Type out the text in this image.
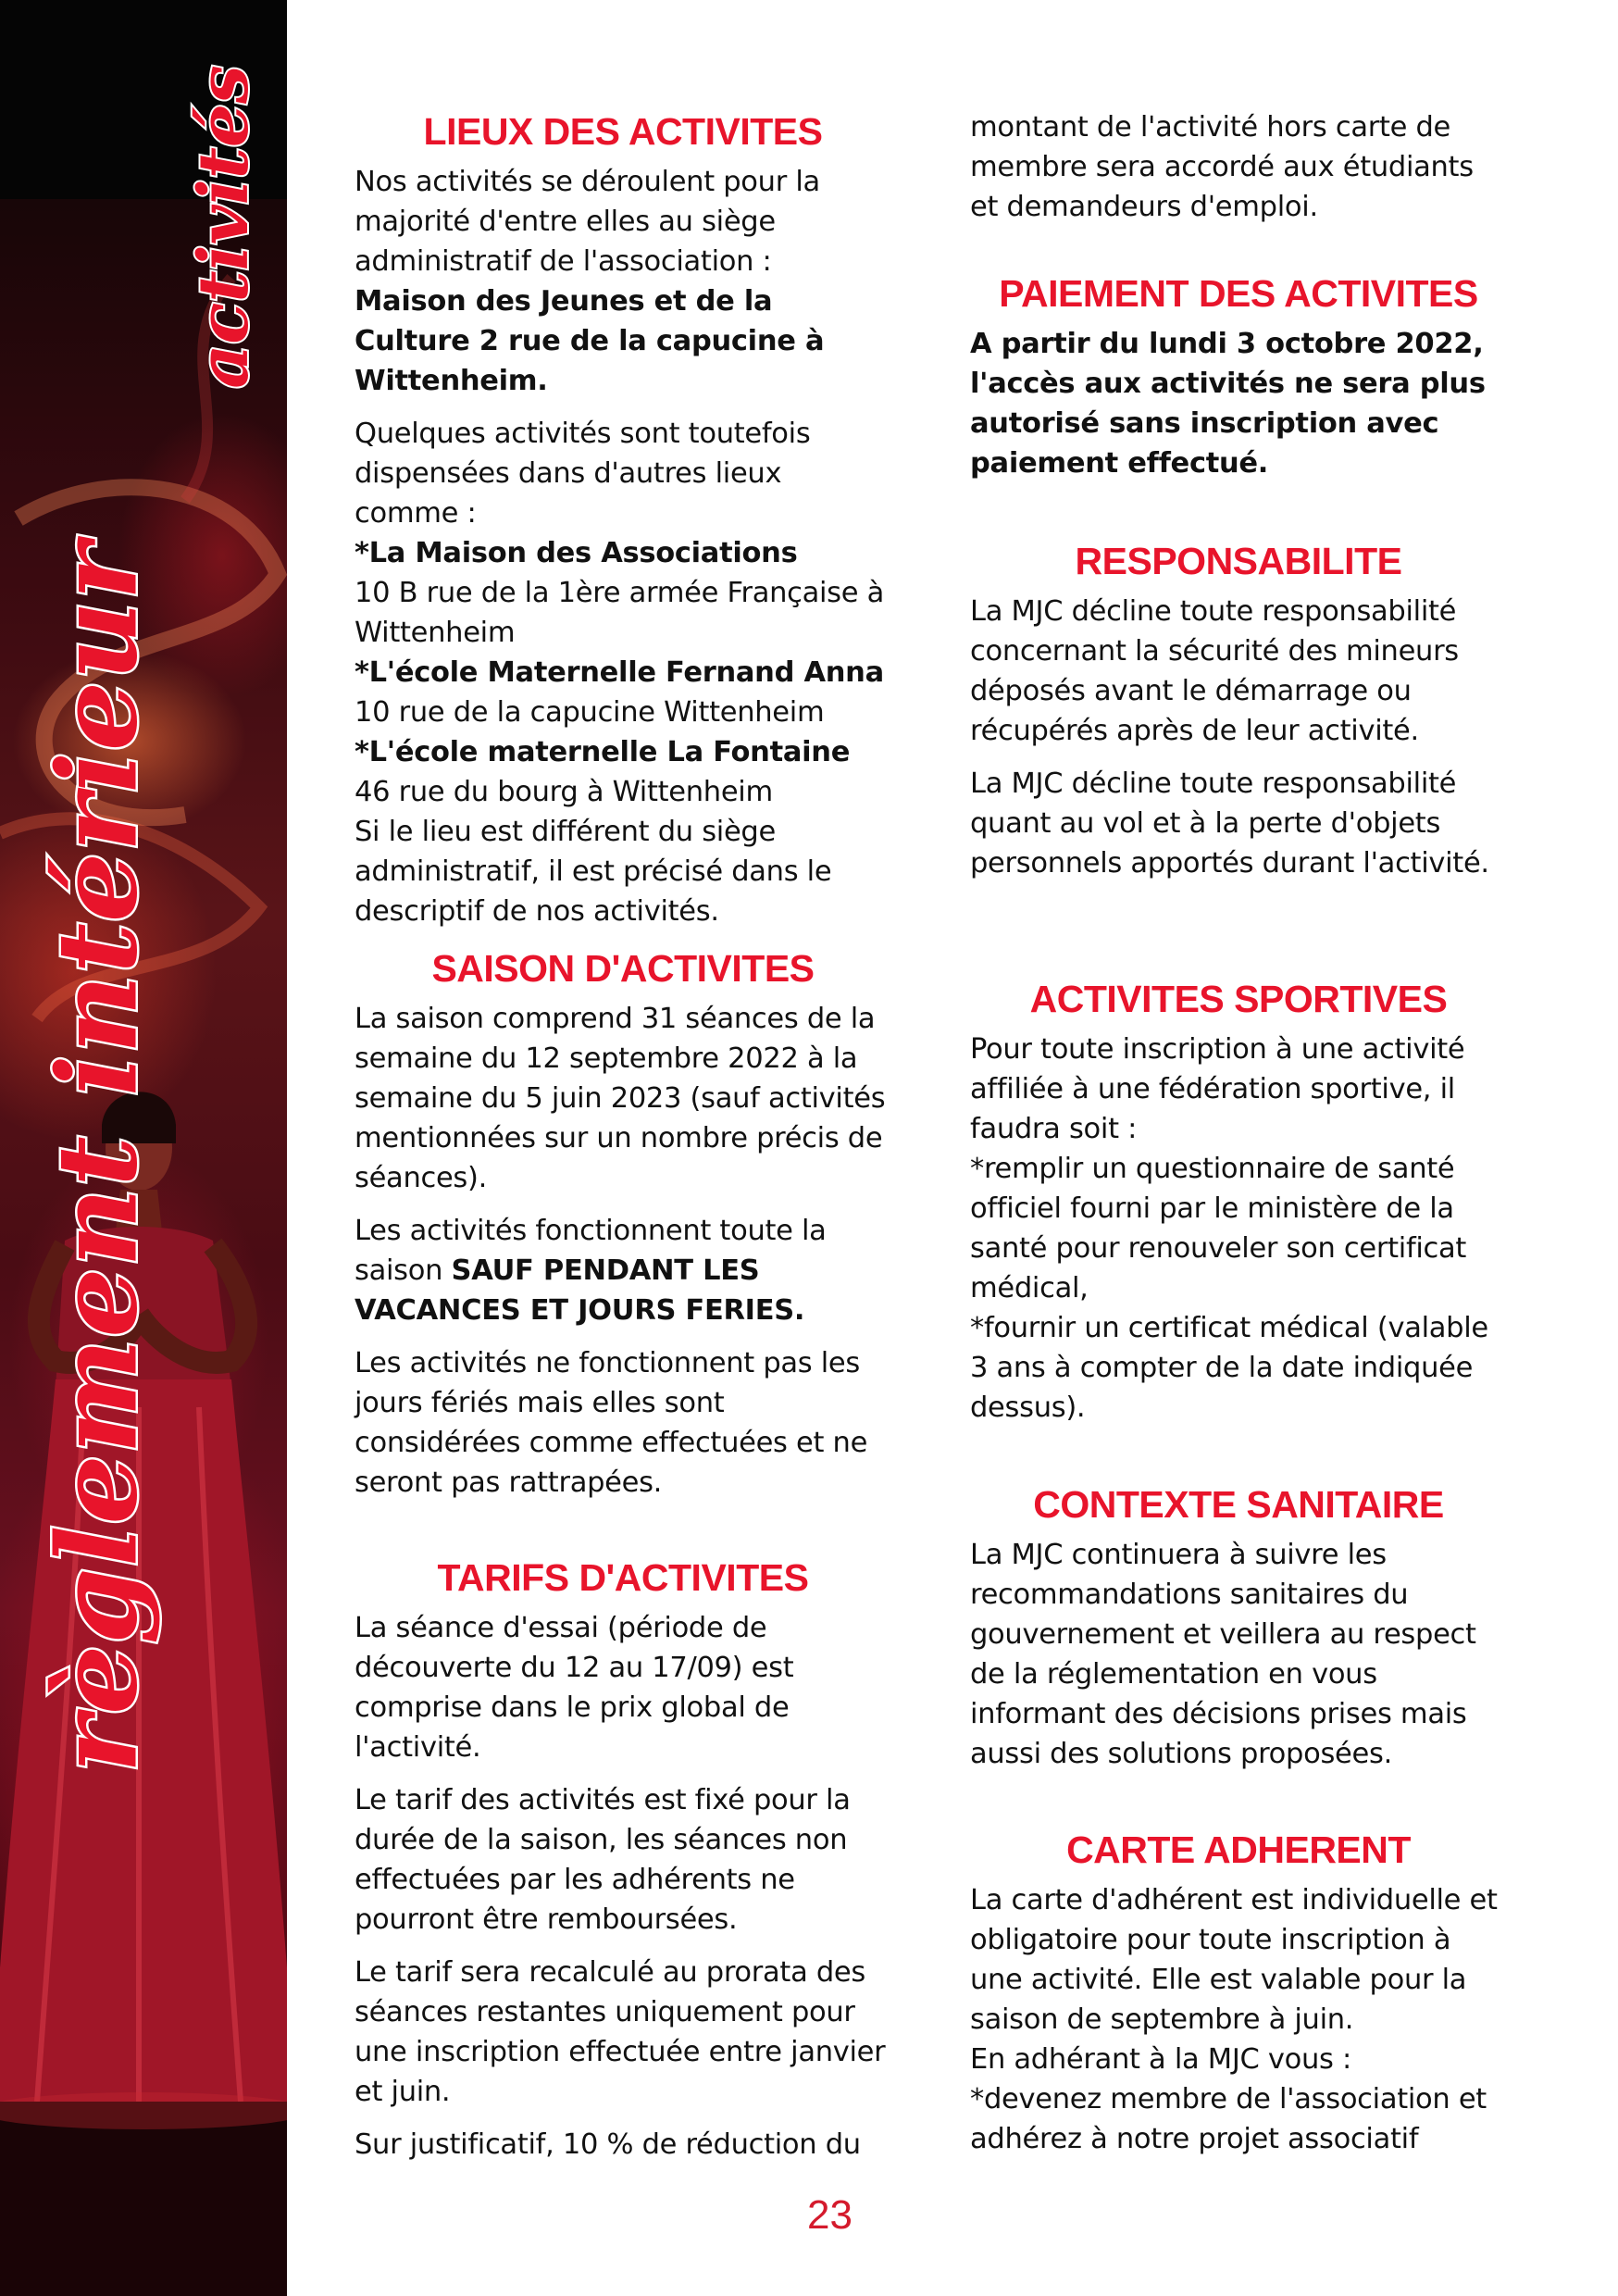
règlement intérieur
activités	LIEUX DES ACTIVITES

Nos activités se déroulent pour la majorité d'entre elles au siège administratif de l'association :

Maison des Jeunes et de la Culture 2 rue de la capucine à Wittenheim.

Quelques activités sont toutefois dispensées dans d'autres lieux comme :

*La Maison des Associations

10 B rue de la 1ère armée Française à Wittenheim

*L'école Maternelle Fernand Anna

10 rue de la capucine Wittenheim

*L'école maternelle La Fontaine

46 rue du bourg à Wittenheim

Si le lieu est différent du siège administratif, il est précisé dans le descriptif de nos activités.

SAISON D'ACTIVITES

La saison comprend 31 séances de la semaine du 12 septembre 2022 à la semaine du 5 juin 2023 (sauf activités mentionnées sur un nombre précis de séances).

Les activités fonctionnent toute la saison SAUF PENDANT LES VACANCES ET JOURS FERIES.

Les activités ne fonctionnent pas les jours fériés mais elles sont considérées comme effectuées et ne seront pas rattrapées.

TARIFS D'ACTIVITES

La séance d'essai (période de découverte du 12 au 17/09) est comprise dans le prix global de l'activité.

Le tarif des activités est fixé pour la durée de la saison, les séances non effectuées par les adhérents ne pourront être remboursées.

Le tarif sera recalculé au prorata des séances restantes uniquement pour une inscription effectuée entre janvier et juin.

Sur justificatif, 10 % de réduction du

montant de l'activité hors carte de membre sera accordé aux étudiants et demandeurs d'emploi.

PAIEMENT DES ACTIVITES

A partir du lundi 3 octobre 2022, l'accès aux activités ne sera plus autorisé sans inscription avec paiement effectué.

RESPONSABILITE

La MJC décline toute responsabilité concernant la sécurité des mineurs déposés avant le démarrage ou récupérés après de leur activité.

La MJC décline toute responsabilité quant au vol et à la perte d'objets personnels apportés durant l'activité.

ACTIVITES SPORTIVES

Pour toute inscription à une activité affiliée à une fédération sportive, il faudra soit :

*remplir un questionnaire de santé officiel fourni par le ministère de la santé pour renouveler son certificat médical,

*fournir un certificat médical (valable 3 ans à compter de la date indiquée dessus).

CONTEXTE SANITAIRE

La MJC continuera à suivre les recommandations sanitaires du gouvernement et veillera au respect de la réglementation en vous informant des décisions prises mais aussi des solutions proposées.

CARTE ADHERENT

La carte d'adhérent est individuelle et obligatoire pour toute inscription à une activité. Elle est valable pour la saison de septembre à juin.

En adhérant à la MJC vous :

*devenez membre de l'association et adhérez à notre projet associatif

23
